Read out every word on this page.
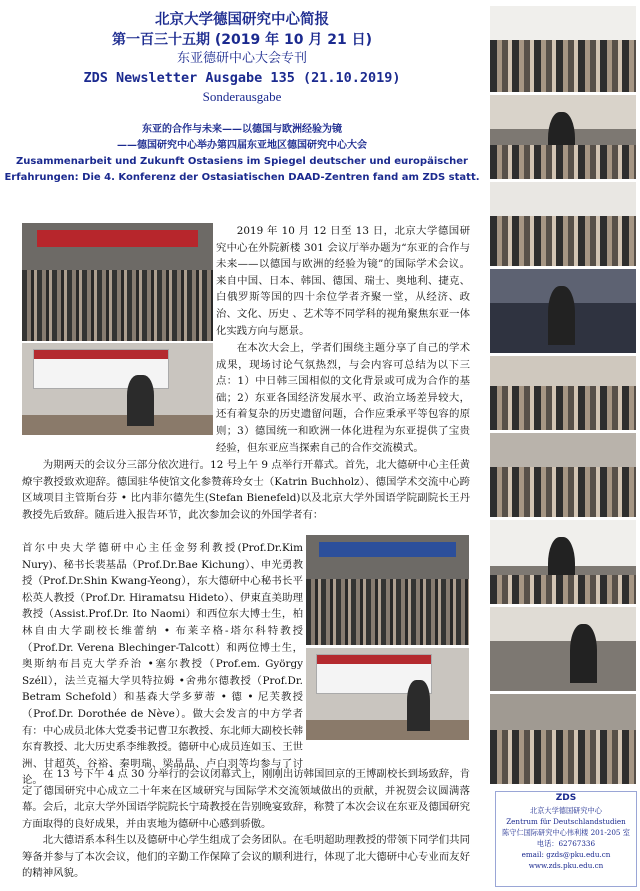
北京大学德国研究中心简报
第一百三十五期 (2019 年 10 月 21 日)
东亚德研中心大会专刊
ZDS Newsletter Ausgabe 135 (21.10.2019)
Sonderausgabe
东亚的合作与未来——以德国与欧洲经验为镜
——德国研究中心举办第四届东亚地区德国研究中心大会
Zusammenarbeit und Zukunft Ostasiens im Spiegel deutscher und europäischer
Erfahrungen: Die 4. Konferenz der Ostasiatischen DAAD-Zentren fand am ZDS statt.

2019 年 10 月 12 日至 13 日，北京大学德国研究中心在外院新楼 301 会议厅举办题为“东亚的合作与未来——以德国与欧洲的经验为镜”的国际学术会议。来自中国、日本、韩国、德国、瑞士、奥地利、捷克、白俄罗斯等国的四十余位学者齐聚一堂，从经济、政治、文化、历史 、艺术等不同学科的视角聚焦东亚一体化实践方向与愿景。

在本次大会上，学者们围绕主题分享了自己的学术成果，现场讨论气氛热烈，与会内容可总结为以下三点：1）中日韩三国相似的文化背景或可成为合作的基础；2）东亚各国经济发展水平、政治立场差异较大，还有着复杂的历史遗留问题，合作应秉承平等包容的原则；3）德国统一和欧洲一体化进程为东亚提供了宝贵经验，但东亚应当探索自己的合作交流模式。

为期两天的会议分三部分依次进行。12 号上午 9 点举行开幕式。首先，北大德研中心主任黄燎宇教授致欢迎辞。德国驻华使馆文化参赞蒋玲女士（Katrin Buchholz）、德国学术交流中心跨区域项目主管斯台芬 • 比内菲尔德先生(Stefan Bienefeld)以及北京大学外国语学院副院长王丹教授先后致辞。随后进入报告环节，此次参加会议的外国学者有：

首尔中央大学德研中心主任金努利教授(Prof.Dr.Kim Nury)、秘书长裴基晶（Prof.Dr.Bae Kichung）、申光勇教授（Prof.Dr.Shin Kwang-Yeong），东大德研中心秘书长平松英人教授（Prof.Dr. Hiramatsu Hideto）、伊東直美助理教授（Assist.Prof.Dr. Ito Naomi）和西位东大博士生，柏林自由大学副校长维蕾纳 • 布莱辛格-塔尔科特教授（Prof.Dr. Verena Blechinger-Talcott）和两位博士生，奥斯纳布吕克大学乔治 •塞尔教授（Prof.em. György Széll），法兰克福大学贝特拉姆 •舍弗尔德教授（Prof.Dr. Betram Schefold）和基森大学多萝蒂 • 德 • 尼芙教授（Prof.Dr. Dorothée de Nève）。做大会发言的中方学者有：中心成员北体大党委书记曹卫东教授、东北师大副校长韩东育教授、北大历史系李维教授。德研中心成员连如玉、王世洲、甘超英、谷裕、秦明瑞、梁晶晶、卢白羽等均参与了讨论。

在 13 号下午 4 点 30 分举行的会议闭幕式上，刚刚出访韩国回京的王博副校长到场致辞，肯定了德国研究中心成立二十年来在区域研究与国际学术交流领域做出的贡献，并祝贺会议圆满落幕。会后，北京大学外国语学院院长宁琦教授在告别晚宴致辞，称赞了本次会议在东亚及德国研究方面取得的良好成果，并由衷地为德研中心感到骄傲。

北大德语系本科生以及德研中心学生组成了会务团队。在毛明超助理教授的带领下同学们共同筹备并参与了本次会议，他们的辛勤工作保障了会议的顺利进行，体现了北大德研中心专业而友好的精神风貌。

ZDS
北京大学德国研究中心
Zentrum für Deutschlandstudien
陈守仁国际研究中心伟利楼 201-205 室
电话：62767336
email: gzds@pku.edu.cn
www.zds.pku.edu.cn
